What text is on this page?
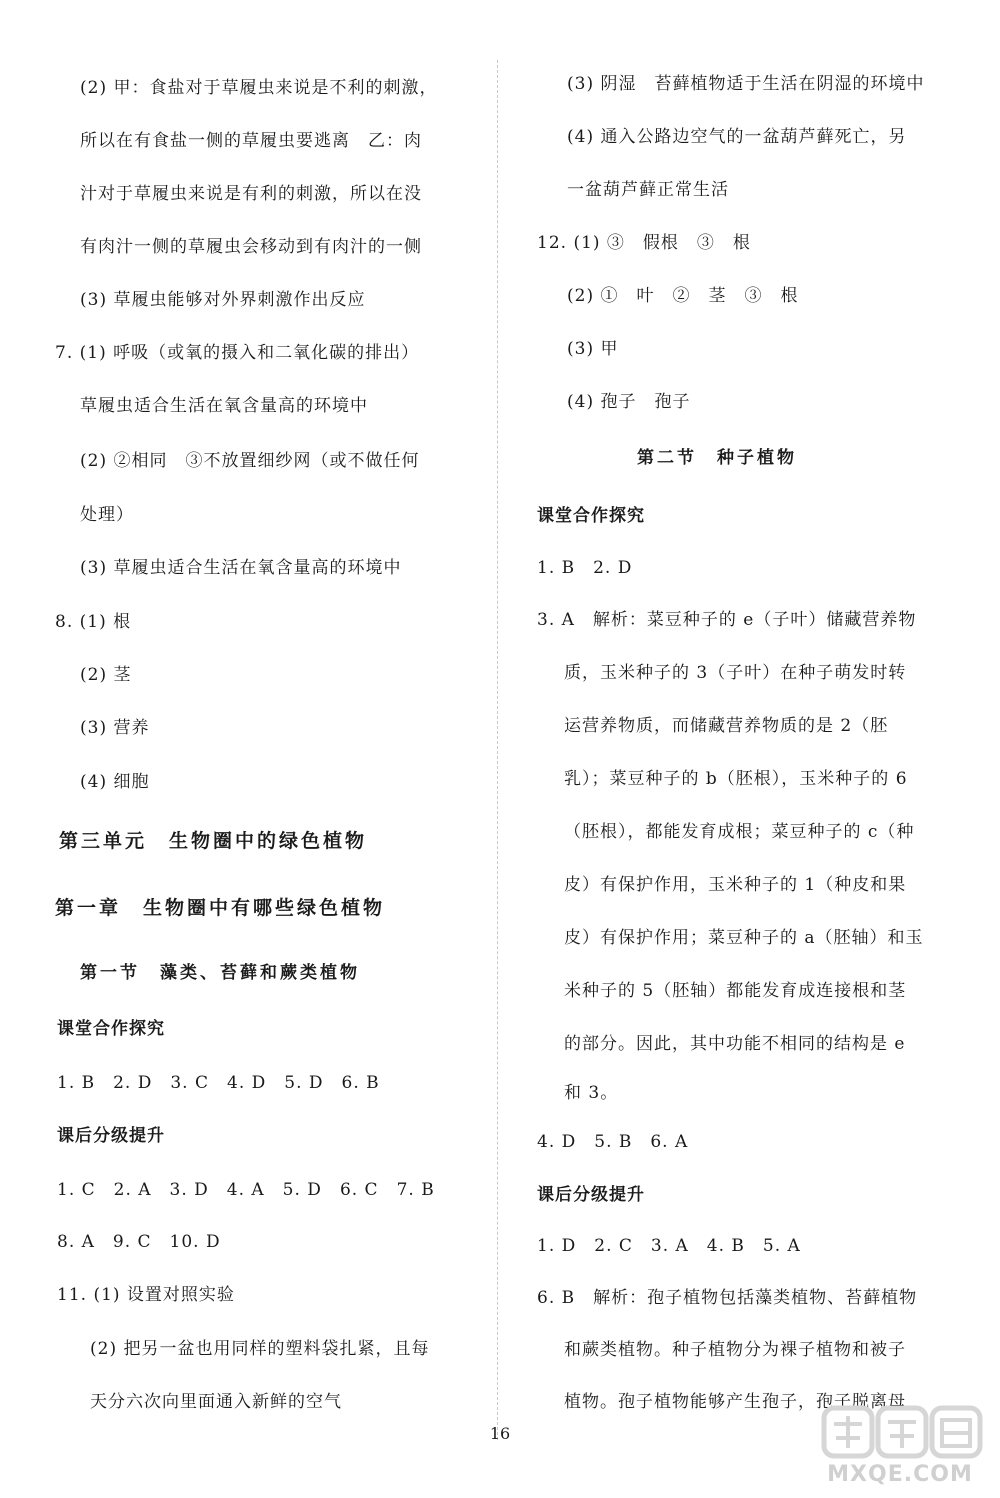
(2) 甲：食盐对于草履虫来说是不利的刺激，
所以在有食盐一侧的草履虫要逃离　乙：肉
汁对于草履虫来说是有利的刺激，所以在没
有肉汁一侧的草履虫会移动到有肉汁的一侧
(3) 草履虫能够对外界刺激作出反应
7. (1) 呼吸（或氧的摄入和二氧化碳的排出）
草履虫适合生活在氧含量高的环境中
(2) ②相同　③不放置细纱网（或不做任何
处理）
(3) 草履虫适合生活在氧含量高的环境中
8. (1) 根
(2) 茎
(3) 营养
(4) 细胞
第三单元　生物圈中的绿色植物
第一章　生物圈中有哪些绿色植物
第一节　藻类、苔藓和蕨类植物
课堂合作探究
1. B　2. D　3. C　4. D　5. D　6. B
课后分级提升
1. C　2. A　3. D　4. A　5. D　6. C　7. B
8. A　9. C　10. D
11. (1) 设置对照实验
(2) 把另一盆也用同样的塑料袋扎紧，且每
天分六次向里面通入新鲜的空气
(3) 阴湿　苔藓植物适于生活在阴湿的环境中
(4) 通入公路边空气的一盆葫芦藓死亡，另
一盆葫芦藓正常生活
12. (1) ③　假根　③　根
(2) ①　叶　②　茎　③　根
(3) 甲
(4) 孢子　孢子
第二节　种子植物
课堂合作探究
1. B　2. D
3. A　解析：菜豆种子的 e（子叶）储藏营养物
质，玉米种子的 3（子叶）在种子萌发时转
运营养物质，而储藏营养物质的是 2（胚
乳）；菜豆种子的 b（胚根），玉米种子的 6
（胚根），都能发育成根；菜豆种子的 c（种
皮）有保护作用，玉米种子的 1（种皮和果
皮）有保护作用；菜豆种子的 a（胚轴）和玉
米种子的 5（胚轴）都能发育成连接根和茎
的部分。因此，其中功能不相同的结构是 e
和 3。
4. D　5. B　6. A
课后分级提升
1. D　2. C　3. A　4. B　5. A
6. B　解析：孢子植物包括藻类植物、苔藓植物
和蕨类植物。种子植物分为裸子植物和被子
植物。孢子植物能够产生孢子，孢子脱离母
16
MXQE.COM
